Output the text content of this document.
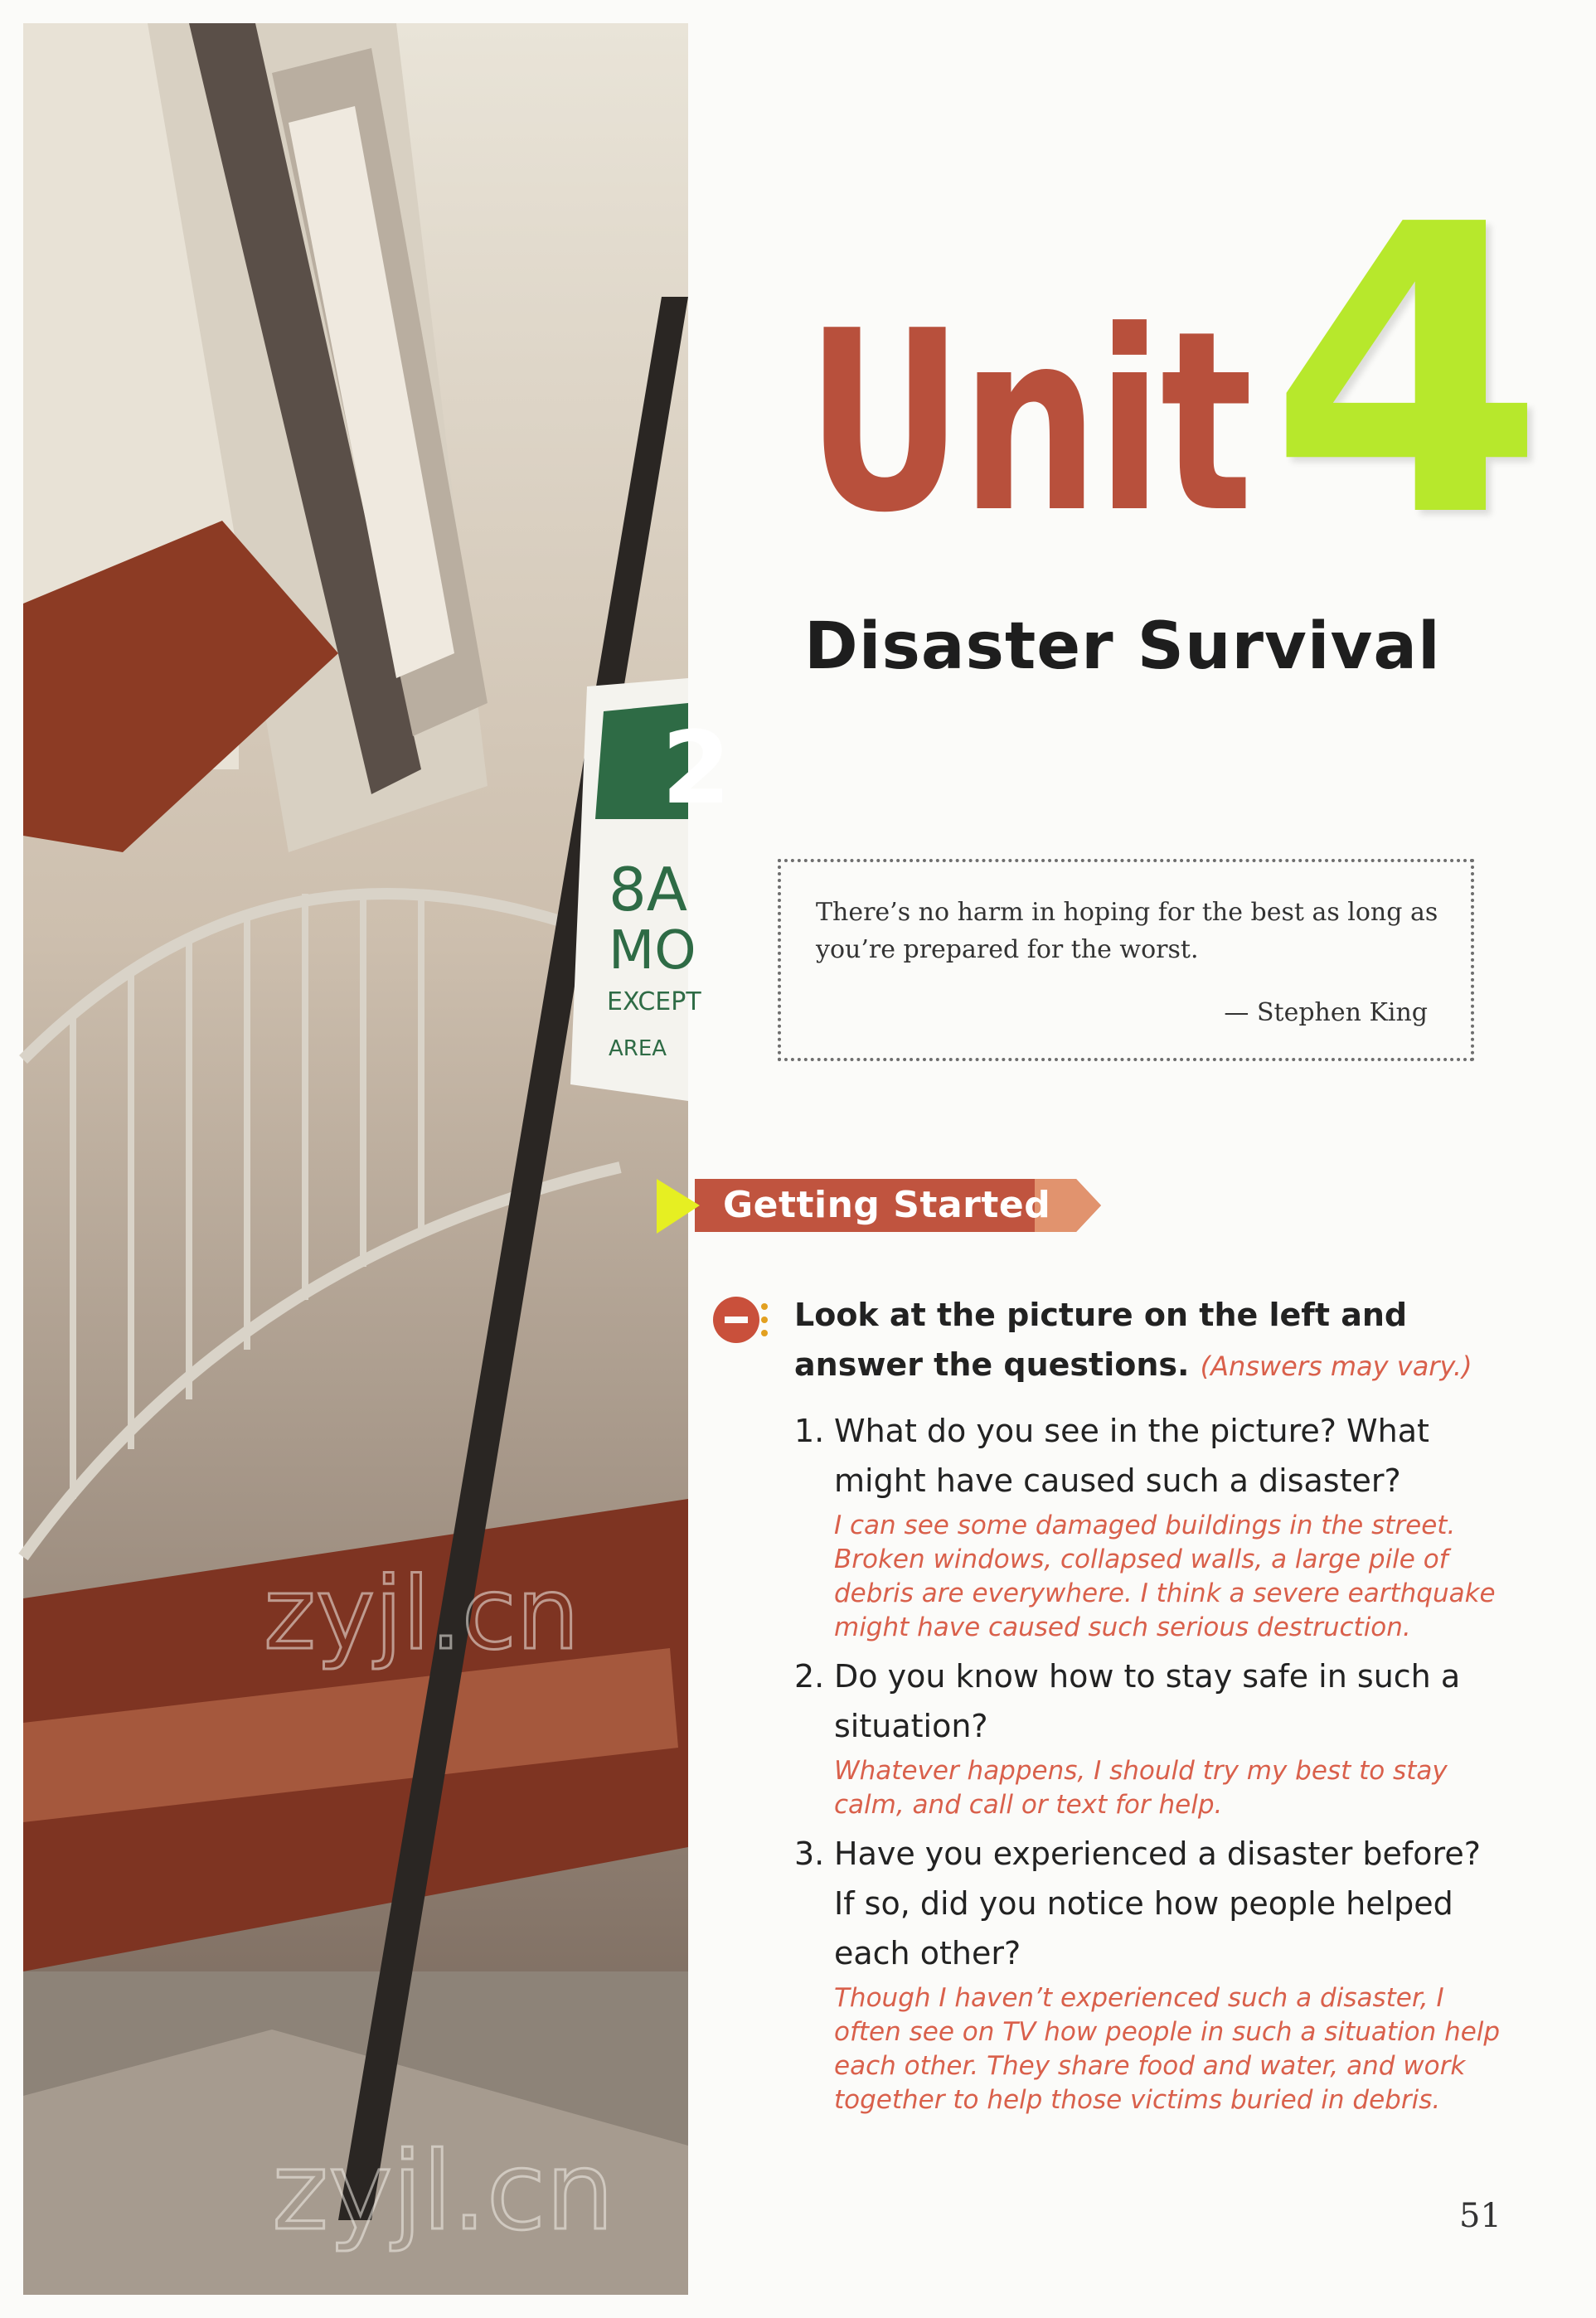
2
8A
MO
EXCEPT
AREA
zyjl.cn
zyjl.cn
Unit 4
Disaster Survival
There’s no harm in hoping for the best as long as you’re prepared for the worst.
— Stephen King
Getting Started
Look at the picture on the left and answer the questions. (Answers may vary.)
1. What do you see in the picture? What might have caused such a disaster?
I can see some damaged buildings in the street. Broken windows, collapsed walls, a large pile of debris are everywhere. I think a severe earthquake might have caused such serious destruction.
2. Do you know how to stay safe in such a situation?
Whatever happens, I should try my best to stay calm, and call or text for help.
3. Have you experienced a disaster before? If so, did you notice how people helped each other?
Though I haven’t experienced such a disaster, I often see on TV how people in such a situation help each other. They share food and water, and work together to help those victims buried in debris.
51
